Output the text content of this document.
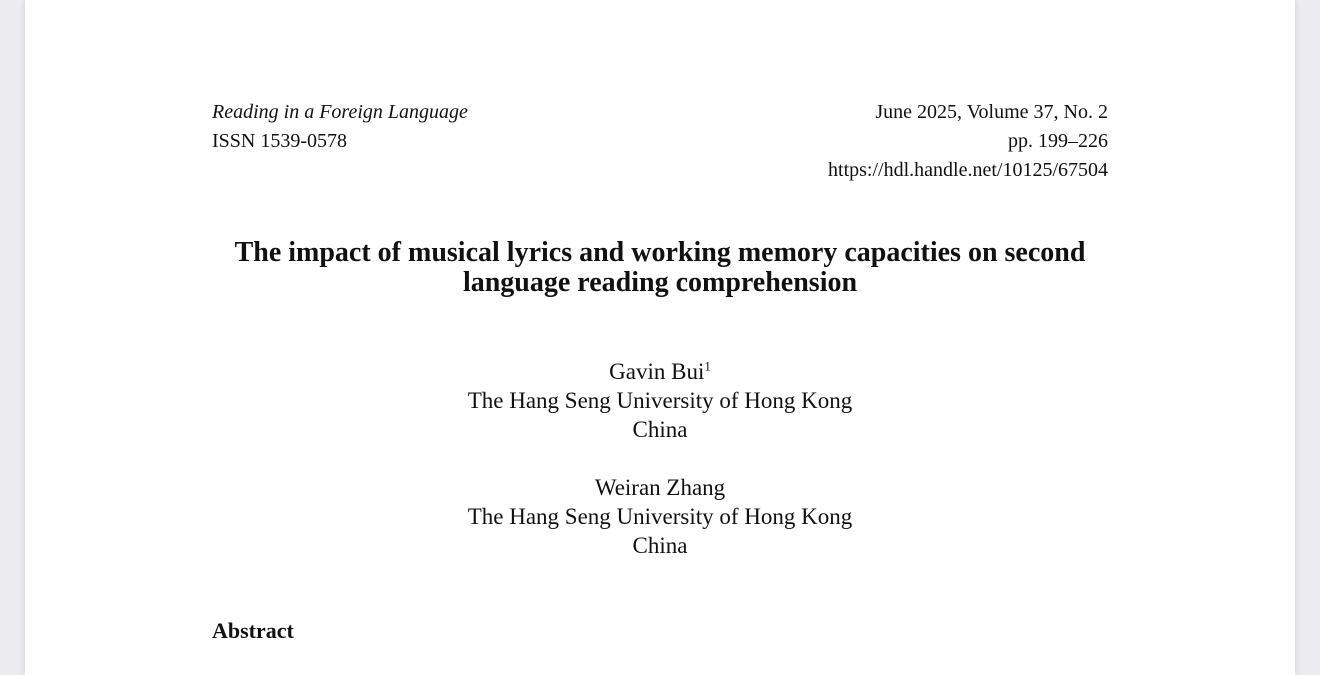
Reading in a Foreign Language
ISSN 1539-0578
June 2025, Volume 37, No. 2
pp. 199–226
https://hdl.handle.net/10125/67504
The impact of musical lyrics and working memory capacities on second
language reading comprehension
Gavin Bui$^1$
The Hang Seng University of Hong Kong
China
Weiran Zhang
The Hang Seng University of Hong Kong
China
Abstract
